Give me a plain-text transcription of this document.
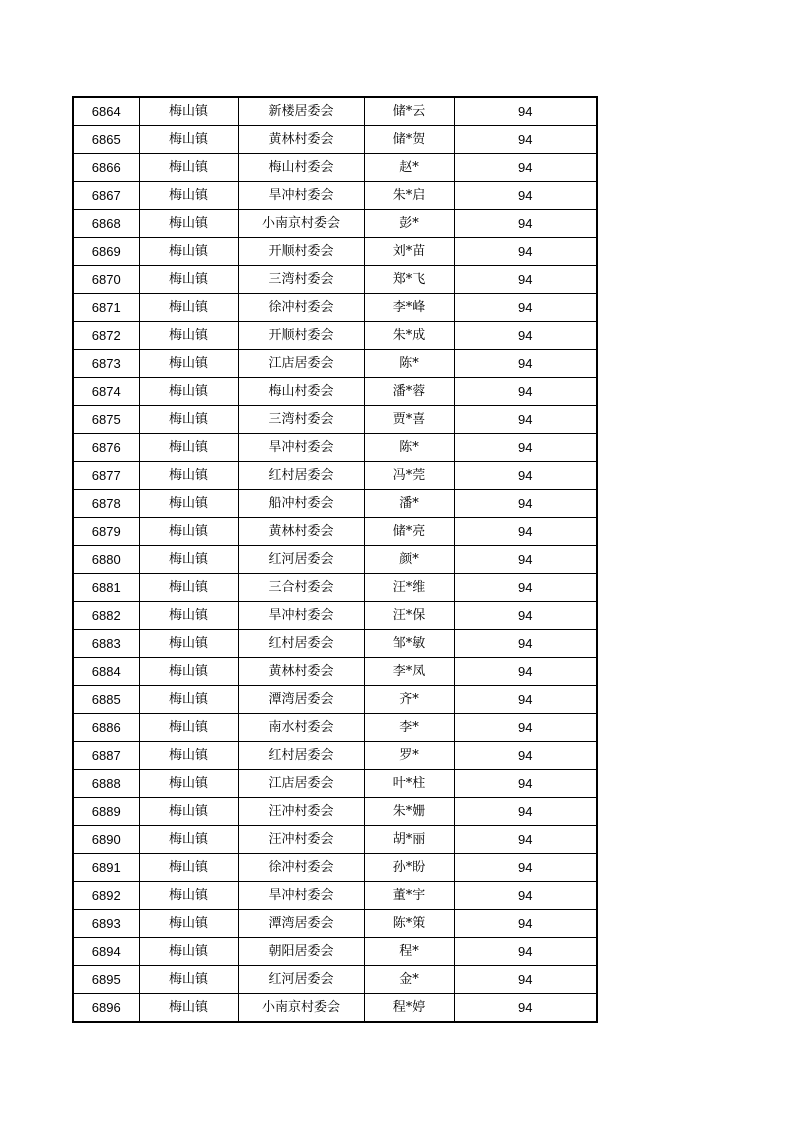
6864	梅山镇	新楼居委会	储*云	94
6865	梅山镇	黄林村委会	储*贺	94
6866	梅山镇	梅山村委会	赵*	94
6867	梅山镇	旱冲村委会	朱*启	94
6868	梅山镇	小南京村委会	彭*	94
6869	梅山镇	开顺村委会	刘*苗	94
6870	梅山镇	三湾村委会	郑*飞	94
6871	梅山镇	徐冲村委会	李*峰	94
6872	梅山镇	开顺村委会	朱*成	94
6873	梅山镇	江店居委会	陈*	94
6874	梅山镇	梅山村委会	潘*蓉	94
6875	梅山镇	三湾村委会	贾*喜	94
6876	梅山镇	旱冲村委会	陈*	94
6877	梅山镇	红村居委会	冯*莞	94
6878	梅山镇	船冲村委会	潘*	94
6879	梅山镇	黄林村委会	储*亮	94
6880	梅山镇	红河居委会	颜*	94
6881	梅山镇	三合村委会	汪*维	94
6882	梅山镇	旱冲村委会	汪*保	94
6883	梅山镇	红村居委会	邹*敏	94
6884	梅山镇	黄林村委会	李*凤	94
6885	梅山镇	潭湾居委会	齐*	94
6886	梅山镇	南水村委会	李*	94
6887	梅山镇	红村居委会	罗*	94
6888	梅山镇	江店居委会	叶*柱	94
6889	梅山镇	汪冲村委会	朱*姗	94
6890	梅山镇	汪冲村委会	胡*丽	94
6891	梅山镇	徐冲村委会	孙*盼	94
6892	梅山镇	旱冲村委会	董*宇	94
6893	梅山镇	潭湾居委会	陈*策	94
6894	梅山镇	朝阳居委会	程*	94
6895	梅山镇	红河居委会	金*	94
6896	梅山镇	小南京村委会	程*婷	94
